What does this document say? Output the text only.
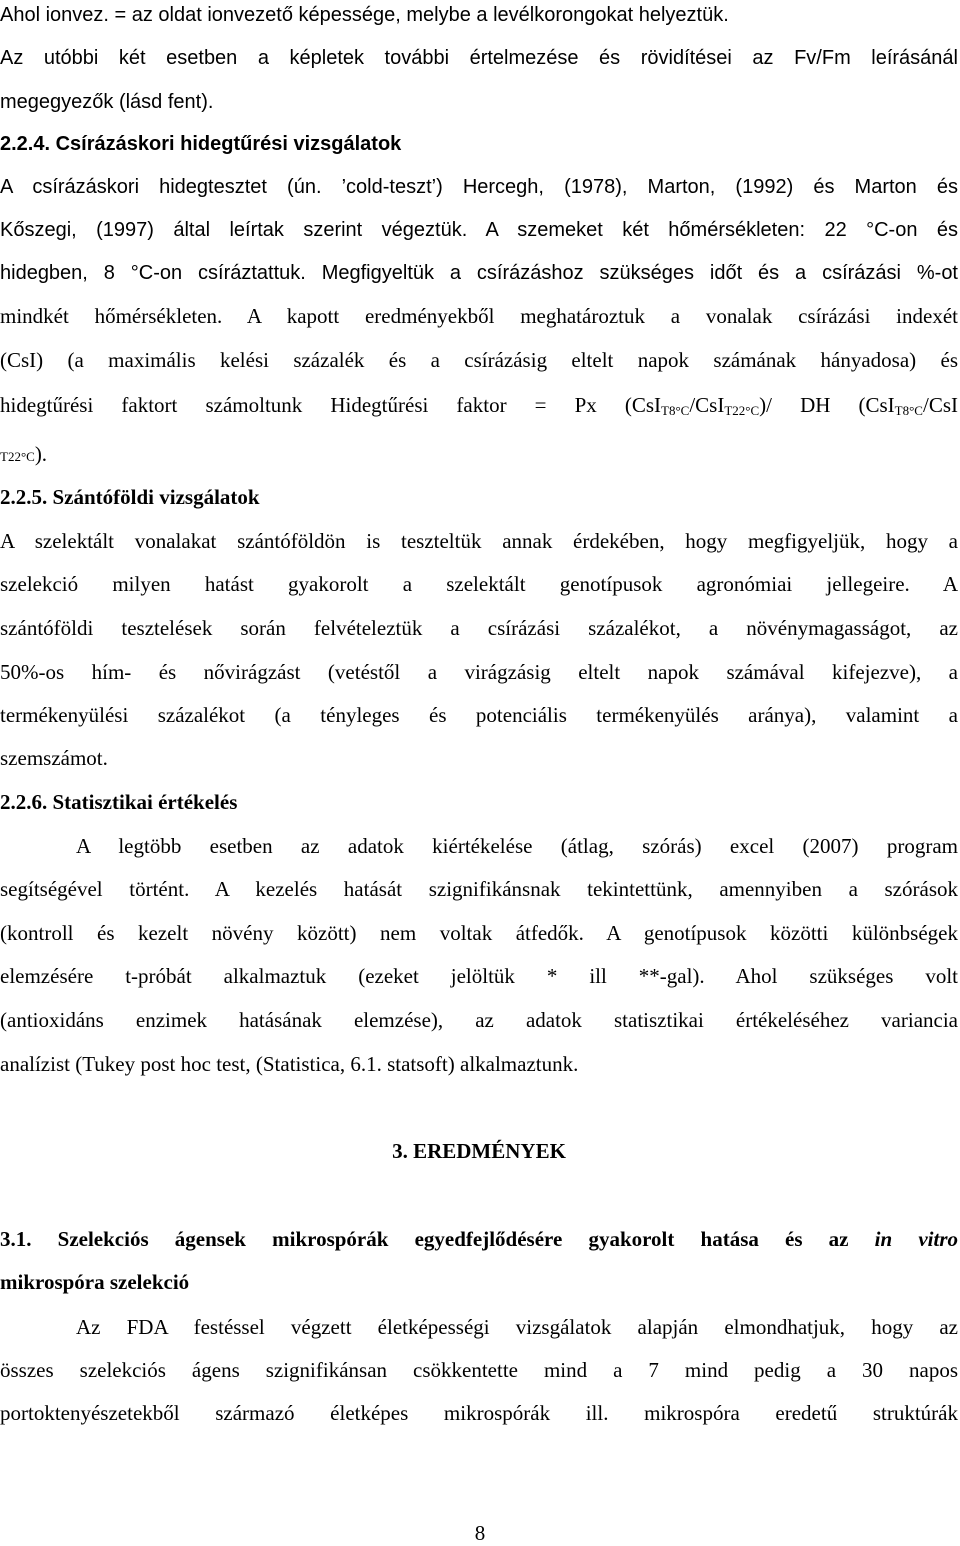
Ahol ionvez. = az oldat ionvezető képessége, melybe a levélkorongokat helyeztük.
Az utóbbi két esetben a képletek további értelmezése és rövidítései az Fv/Fm leírásánál
megegyezők (lásd fent).
2.2.4. Csírázáskori hidegtűrési vizsgálatok
A csírázáskori hidegtesztet (ún. ’cold-teszt’) Hercegh, (1978), Marton, (1992) és Marton és
Kőszegi, (1997) által leírtak szerint végeztük. A szemeket két hőmérsékleten: 22 °C-on és
hidegben, 8 °C-on csíráztattuk. Megfigyeltük a csírázáshoz szükséges időt és a csírázási %-ot
mindkét hőmérsékleten. A kapott eredményekből meghatároztuk a vonalak csírázási indexét
(CsI) (a maximális kelési százalék és a csírázásig eltelt napok számának hányadosa) és
hidegtűrési faktort számoltunk Hidegtűrési faktor = Px (CsI$_{T8^\circ C}$/CsI$_{T22^\circ C}$)/ DH (CsI$_{T8^\circ C}$/CsI
T22°C).
2.2.5. Szántóföldi vizsgálatok
A szelektált vonalakat szántóföldön is teszteltük annak érdekében, hogy megfigyeljük, hogy a
szelekció milyen hatást gyakorolt a szelektált genotípusok agronómiai jellegeire. A
szántóföldi tesztelések során felvételeztük a csírázási százalékot, a növénymagasságot, az
50%-os hím- és nővirágzást (vetéstől a virágzásig eltelt napok számával kifejezve), a
termékenyülési százalékot (a tényleges és potenciális termékenyülés aránya), valamint a
szemszámot.
2.2.6. Statisztikai értékelés
A legtöbb esetben az adatok kiértékelése (átlag, szórás) excel (2007) program
segítségével történt. A kezelés hatását szignifikánsnak tekintettünk, amennyiben a szórások
(kontroll és kezelt növény között) nem voltak átfedők. A genotípusok közötti különbségek
elemzésére t-próbát alkalmaztuk (ezeket jelöltük * ill **-gal). Ahol szükséges volt
(antioxidáns enzimek hatásának elemzése), az adatok statisztikai értékeléséhez variancia
analízist (Tukey post hoc test, (Statistica, 6.1. statsoft) alkalmaztunk.
3. EREDMÉNYEK
3.1. Szelekciós ágensek mikrospórák egyedfejlődésére gyakorolt hatása és az in vitro
mikrospóra szelekció
Az FDA festéssel végzett életképességi vizsgálatok alapján elmondhatjuk, hogy az
összes szelekciós ágens szignifikánsan csökkentette mind a 7 mind pedig a 30 napos
portoktenyészetekből származó életképes mikrospórák ill. mikrospóra eredetű struktúrák
8
